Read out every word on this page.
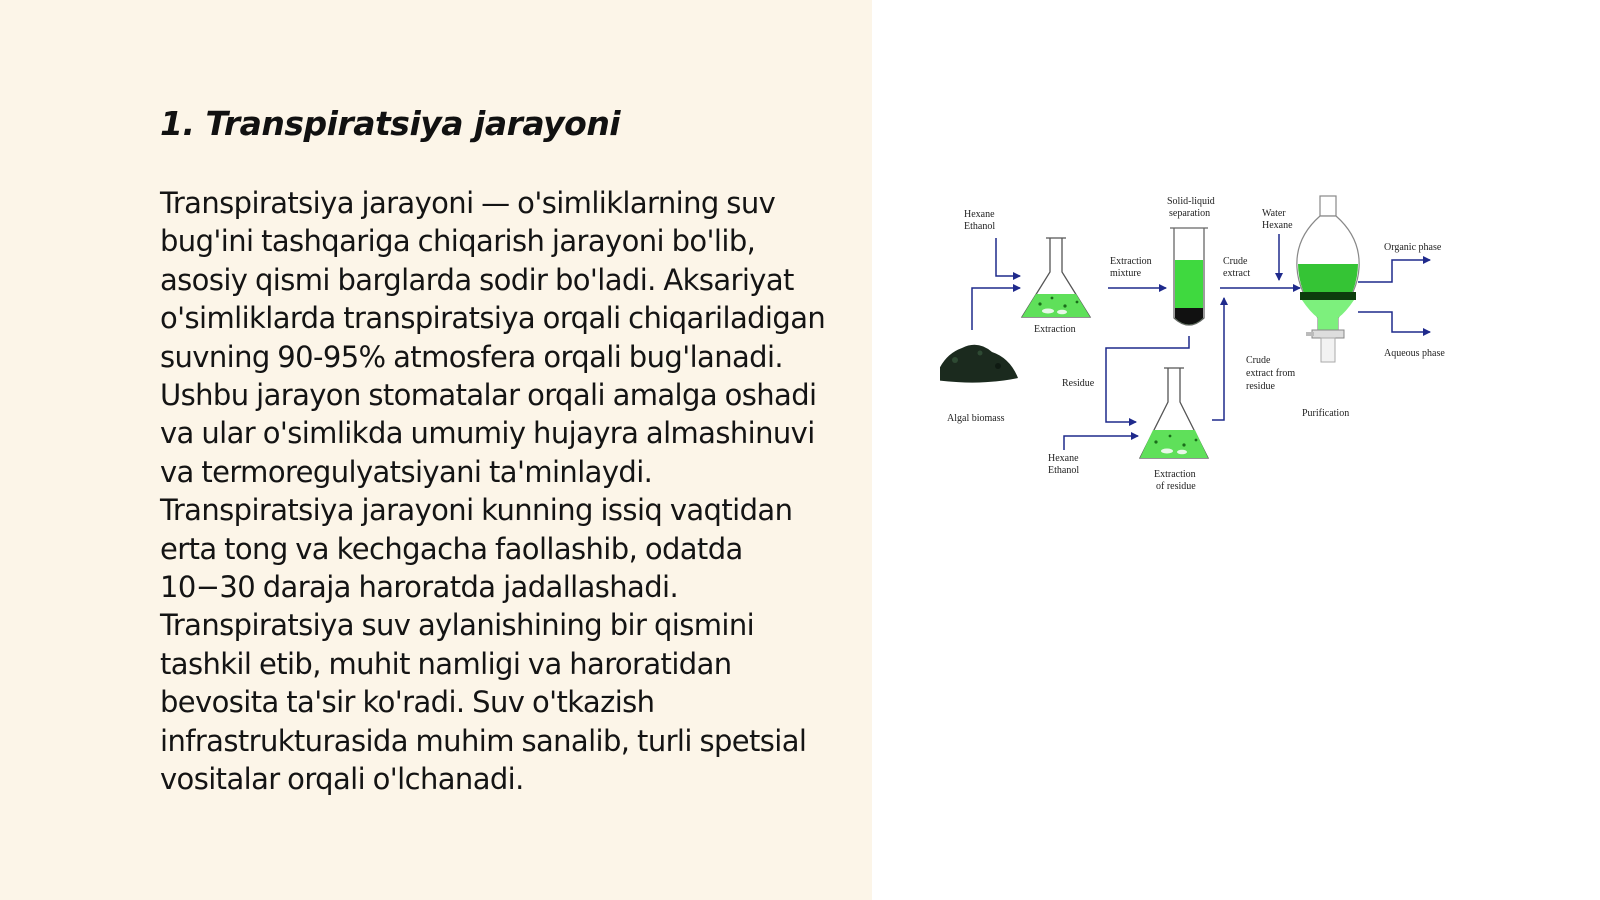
1. Transpiratsiya jarayoni

Transpiratsiya jarayoni — o'simliklarning suv bug'ini tashqariga chiqarish jarayoni bo'lib, asosiy qismi barglarda sodir bo'ladi. Aksariyat o'simliklarda transpiratsiya orqali chiqariladigan suvning 90-95% atmosfera orqali bug'lanadi. Ushbu jarayon stomatalar orqali amalga oshadi va ular o'simlikda umumiy hujayra almashinuvi va termoregulyatsiyani ta'minlaydi. Transpiratsiya jarayoni kunning issiq vaqtidan erta tong va kechgacha faollashib, odatda 10−30 daraja haroratda jadallashadi. Transpiratsiya suv aylanishining bir qismini tashkil etib, muhit namligi va haroratidan bevosita ta'sir ko'radi. Suv o'tkazish infrastrukturasida muhim sanalib, turli spetsial vositalar orqali o'lchanadi.

Algal biomass
Hexane
Ethanol
Extraction
Extraction
mixture
Solid-liquid
separation
Crude
extract
Water
Hexane
Purification
Organic phase
Aqueous phase
Residue
Extraction
of residue
Hexane
Ethanol
Crude
extract from
residue
